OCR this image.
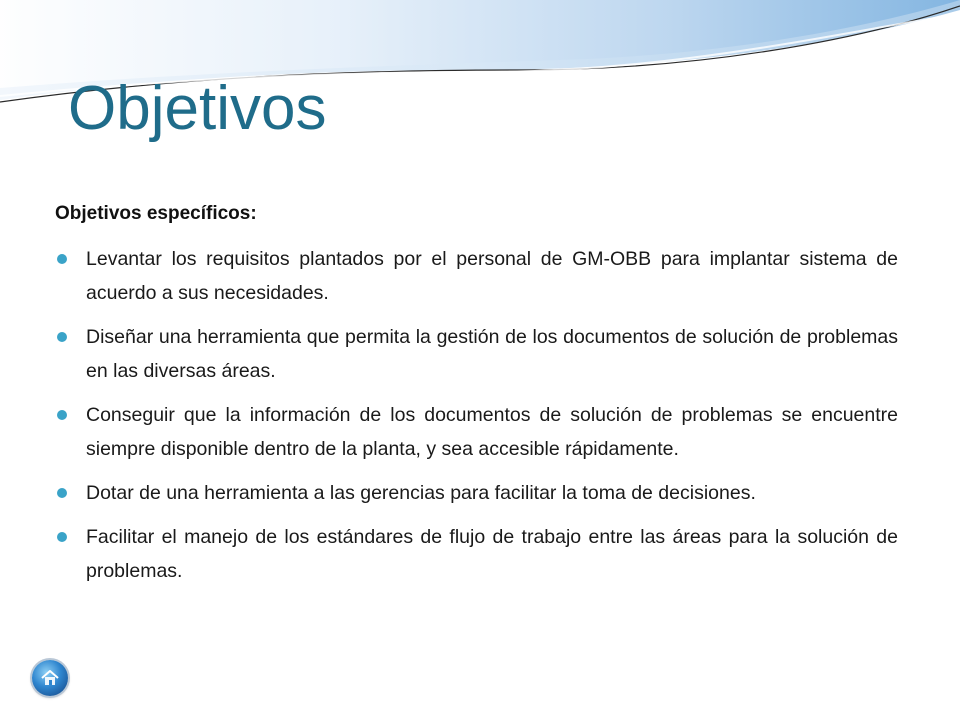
Objetivos

Objetivos específicos:

Levantar los requisitos plantados por el personal de GM-OBB para implantar sistema de acuerdo a sus necesidades.
Diseñar una herramienta que permita la gestión de los documentos de solución de problemas en las diversas áreas.
Conseguir que la información de los documentos de solución de problemas se encuentre siempre disponible dentro de la planta, y sea accesible rápidamente.
Dotar de una herramienta a las gerencias para facilitar la toma de decisiones.
Facilitar el manejo de los estándares de flujo de trabajo entre las áreas para la solución de problemas.
